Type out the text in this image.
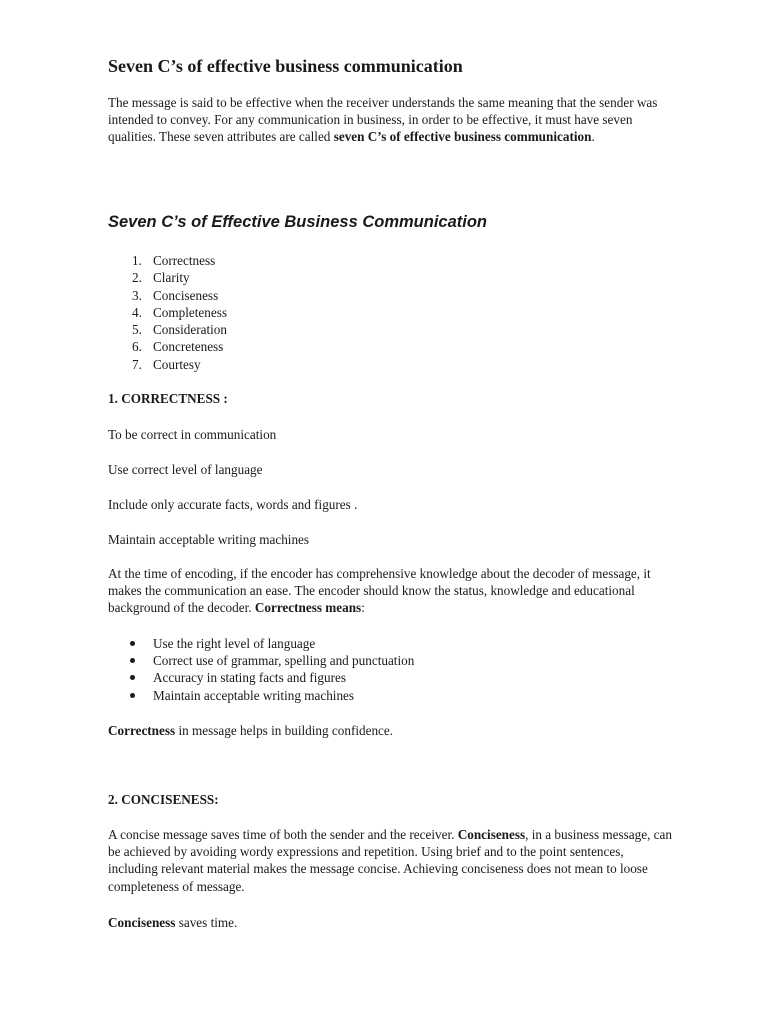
Seven C’s of effective business communication

The message is said to be effective when the receiver understands the same meaning that the sender was intended to convey. For any communication in business, in order to be effective, it must have seven qualities. These seven attributes are called seven C’s of effective business communication.

Seven C’s of Effective Business Communication
1. Correctness
2. Clarity
3. Conciseness
4. Completeness
5. Consideration
6. Concreteness
7. Courtesy

1. CORRECTNESS :

To be correct in communication

Use correct level of language

Include only accurate facts, words and figures .

Maintain acceptable writing machines

At the time of encoding, if the encoder has comprehensive knowledge about the decoder of message, it makes the communication an ease. The encoder should know the status, knowledge and educational background of the decoder. Correctness means:

Use the right level of language
Correct use of grammar, spelling and punctuation
Accuracy in stating facts and figures
Maintain acceptable writing machines

Correctness in message helps in building confidence.

2. CONCISENESS:

A concise message saves time of both the sender and the receiver. Conciseness, in a business message, can be achieved by avoiding wordy expressions and repetition. Using brief and to the point sentences, including relevant material makes the message concise. Achieving conciseness does not mean to loose completeness of message.

Conciseness saves time.
